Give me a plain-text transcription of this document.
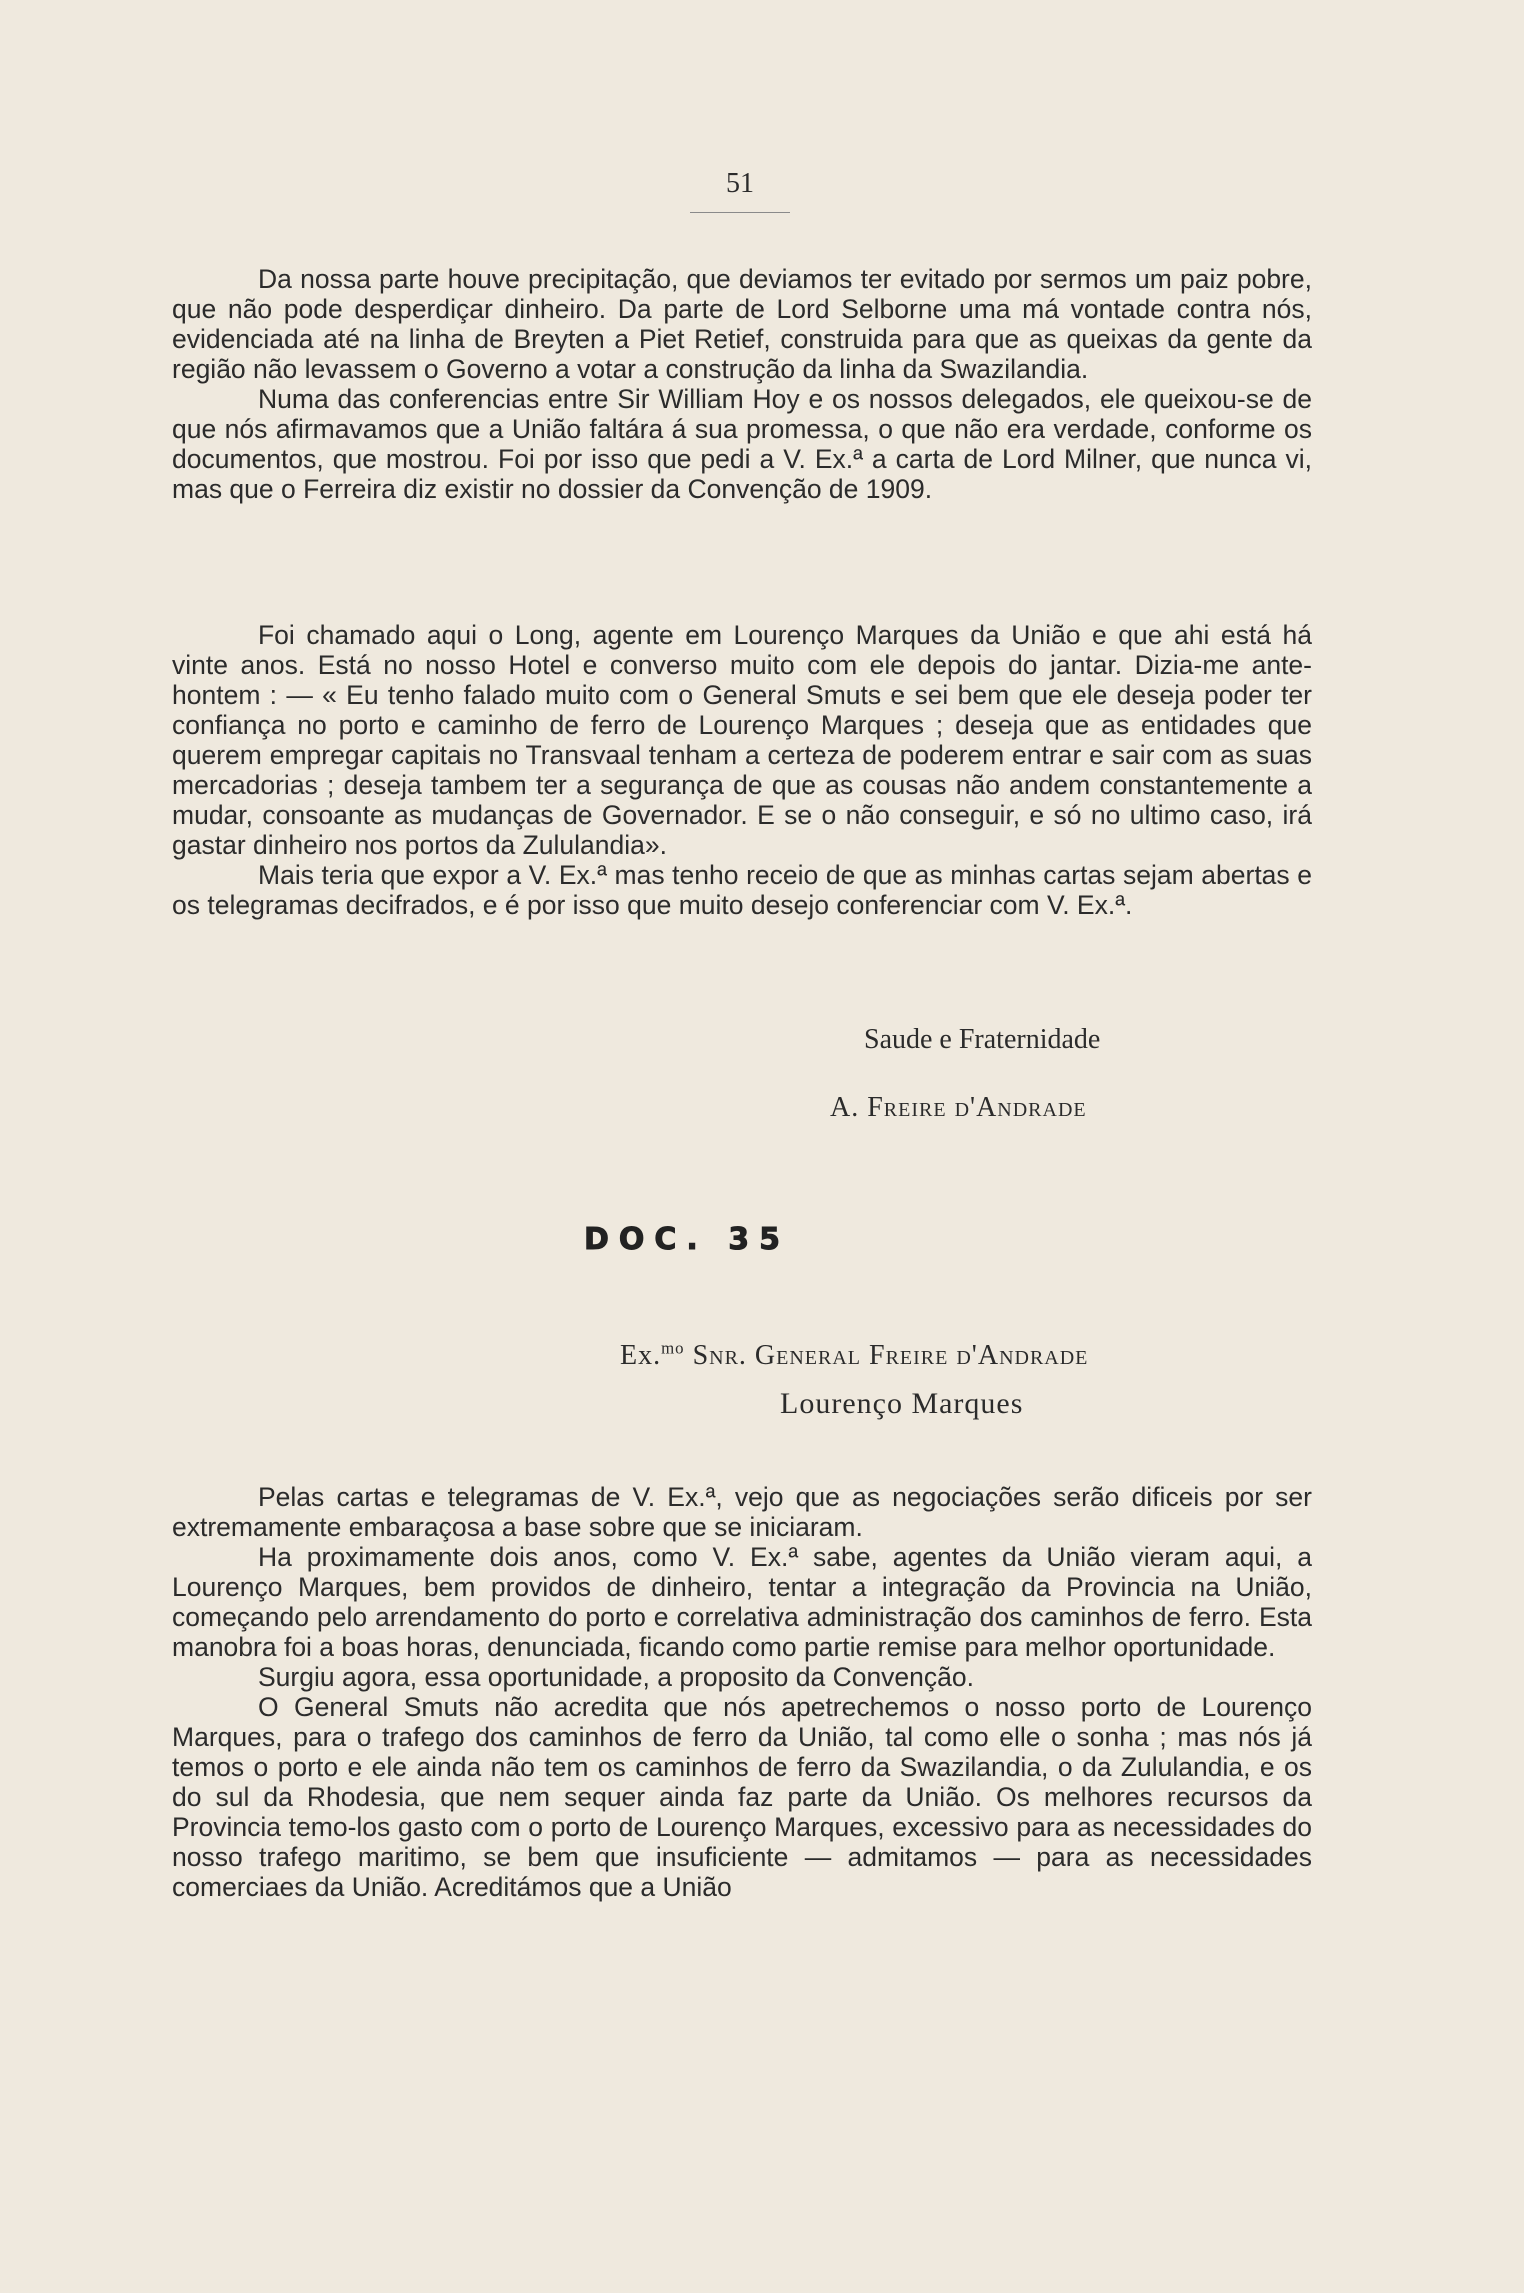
51

Da nossa parte houve precipitação, que deviamos ter evitado por sermos um paiz pobre, que não pode desperdiçar dinheiro. Da parte de Lord Selborne uma má vontade contra nós, evidenciada até na linha de Breyten a Piet Retief, construida para que as queixas da gente da região não levassem o Governo a votar a construção da linha da Swazilandia.

Numa das conferencias entre Sir William Hoy e os nossos delegados, ele queixou-se de que nós afirmavamos que a União faltára á sua promessa, o que não era verdade, conforme os documentos, que mostrou. Foi por isso que pedi a V. Ex.ª a carta de Lord Milner, que nunca vi, mas que o Ferreira diz existir no dossier da Convenção de 1909.

Foi chamado aqui o Long, agente em Lourenço Marques da União e que ahi está há vinte anos. Está no nosso Hotel e converso muito com ele depois do jantar. Dizia-me ante-hontem : — « Eu tenho falado muito com o General Smuts e sei bem que ele deseja poder ter confiança no porto e caminho de ferro de Lourenço Marques ; deseja que as entidades que querem empregar capitais no Transvaal tenham a certeza de poderem entrar e sair com as suas mercadorias ; deseja tambem ter a segurança de que as cousas não andem constantemente a mudar, consoante as mudanças de Governador. E se o não conseguir, e só no ultimo caso, irá gastar dinheiro nos portos da Zululandia».

Mais teria que expor a V. Ex.ª mas tenho receio de que as minhas cartas sejam abertas e os telegramas decifrados, e é por isso que muito desejo conferenciar com V. Ex.ª.

Saude e Fraternidade
A. Freire d'Andrade
DOC. 35
Ex.$^{mo}$ Snr. General Freire d'Andrade
Lourenço Marques

Pelas cartas e telegramas de V. Ex.ª, vejo que as negociações serão dificeis por ser extremamente embaraçosa a base sobre que se iniciaram.

Ha proximamente dois anos, como V. Ex.ª sabe, agentes da União vieram aqui, a Lourenço Marques, bem providos de dinheiro, tentar a integração da Provincia na União, começando pelo arrendamento do porto e correlativa administração dos caminhos de ferro. Esta manobra foi a boas horas, denunciada, ficando como partie remise para melhor oportunidade.

Surgiu agora, essa oportunidade, a proposito da Convenção.

O General Smuts não acredita que nós apetrechemos o nosso porto de Lourenço Marques, para o trafego dos caminhos de ferro da União, tal como elle o sonha ; mas nós já temos o porto e ele ainda não tem os caminhos de ferro da Swazilandia, o da Zululandia, e os do sul da Rhodesia, que nem sequer ainda faz parte da União. Os melhores recursos da Provincia temo-los gasto com o porto de Lourenço Marques, excessivo para as necessidades do nosso trafego maritimo, se bem que insuficiente — admitamos — para as necessidades comerciaes da União. Acreditámos que a União
